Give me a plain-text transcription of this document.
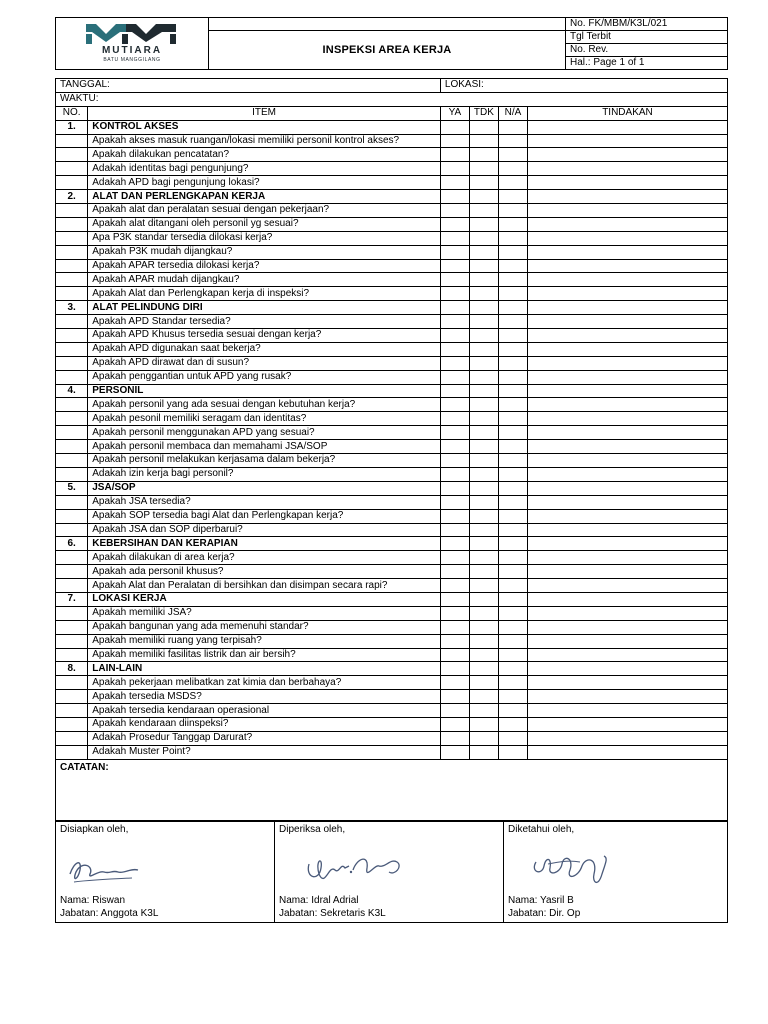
MUTIARA
BATU MANGGILANG		No. FK/MBM/K3L/021
	INSPEKSI AREA KERJA	Tgl Terbit
		No. Rev.
		Hal.: Page 1 of 1
TANGGAL:		LOKASI:			
WAKTU:					
NO.	ITEM	YA	TDK	N/A	TINDAKAN
1.	KONTROL AKSES				
	Apakah akses masuk ruangan/lokasi memiliki personil kontrol akses?				
	Apakah dilakukan pencatatan?				
	Adakah identitas bagi pengunjung?				
	Adakah APD bagi pengunjung lokasi?				
2.	ALAT DAN PERLENGKAPAN KERJA				
	Apakah alat dan peralatan sesuai dengan pekerjaan?				
	Apakah alat ditangani oleh personil yg sesuai?				
	Apa P3K standar tersedia dilokasi kerja?				
	Apakah P3K mudah dijangkau?				
	Apakah APAR tersedia dilokasi kerja?				
	Apakah APAR mudah dijangkau?				
	Apakah Alat dan Perlengkapan kerja di inspeksi?				
3.	ALAT PELINDUNG DIRI				
	Apakah APD Standar tersedia?				
	Apakah APD Khusus tersedia sesuai dengan kerja?				
	Apakah APD digunakan saat bekerja?				
	Apakah APD dirawat dan di susun?				
	Apakah penggantian untuk APD yang rusak?				
4.	PERSONIL				
	Apakah personil yang ada sesuai dengan kebutuhan kerja?				
	Apakah pesonil memiliki seragam dan identitas?				
	Apakah personil menggunakan APD yang sesuai?				
	Apakah personil membaca dan memahami JSA/SOP				
	Apakah personil melakukan kerjasama dalam bekerja?				
	Adakah izin kerja bagi personil?				
5.	JSA/SOP				
	Apakah JSA tersedia?				
	Apakah SOP tersedia bagi Alat dan Perlengkapan kerja?				
	Apakah JSA dan SOP diperbarui?				
6.	KEBERSIHAN DAN KERAPIAN				
	Apakah dilakukan di area kerja?				
	Apakah ada personil khusus?				
	Apakah Alat dan Peralatan di bersihkan dan disimpan secara rapi?				
7.	LOKASI KERJA				
	Apakah memiliki JSA?				
	Apakah bangunan yang ada memenuhi standar?				
	Apakah memiliki ruang yang terpisah?				
	Apakah memiliki fasilitas listrik dan air bersih?				
8.	LAIN-LAIN				
	Apakah pekerjaan melibatkan zat kimia dan berbahaya?				
	Apakah tersedia MSDS?				
	Apakah tersedia kendaraan operasional				
	Apakah kendaraan diinspeksi?				
	Adakah Prosedur Tanggap Darurat?				
	Adakah Muster Point?				
CATATAN:					
Disiapkan oleh,
Nama: Riswan
Jabatan: Anggota K3L

Diperiksa oleh,
Nama: Idral Adrial
Jabatan: Sekretaris K3L

Diketahui oleh,
Nama: Yasril B
Jabatan: Dir. Op
